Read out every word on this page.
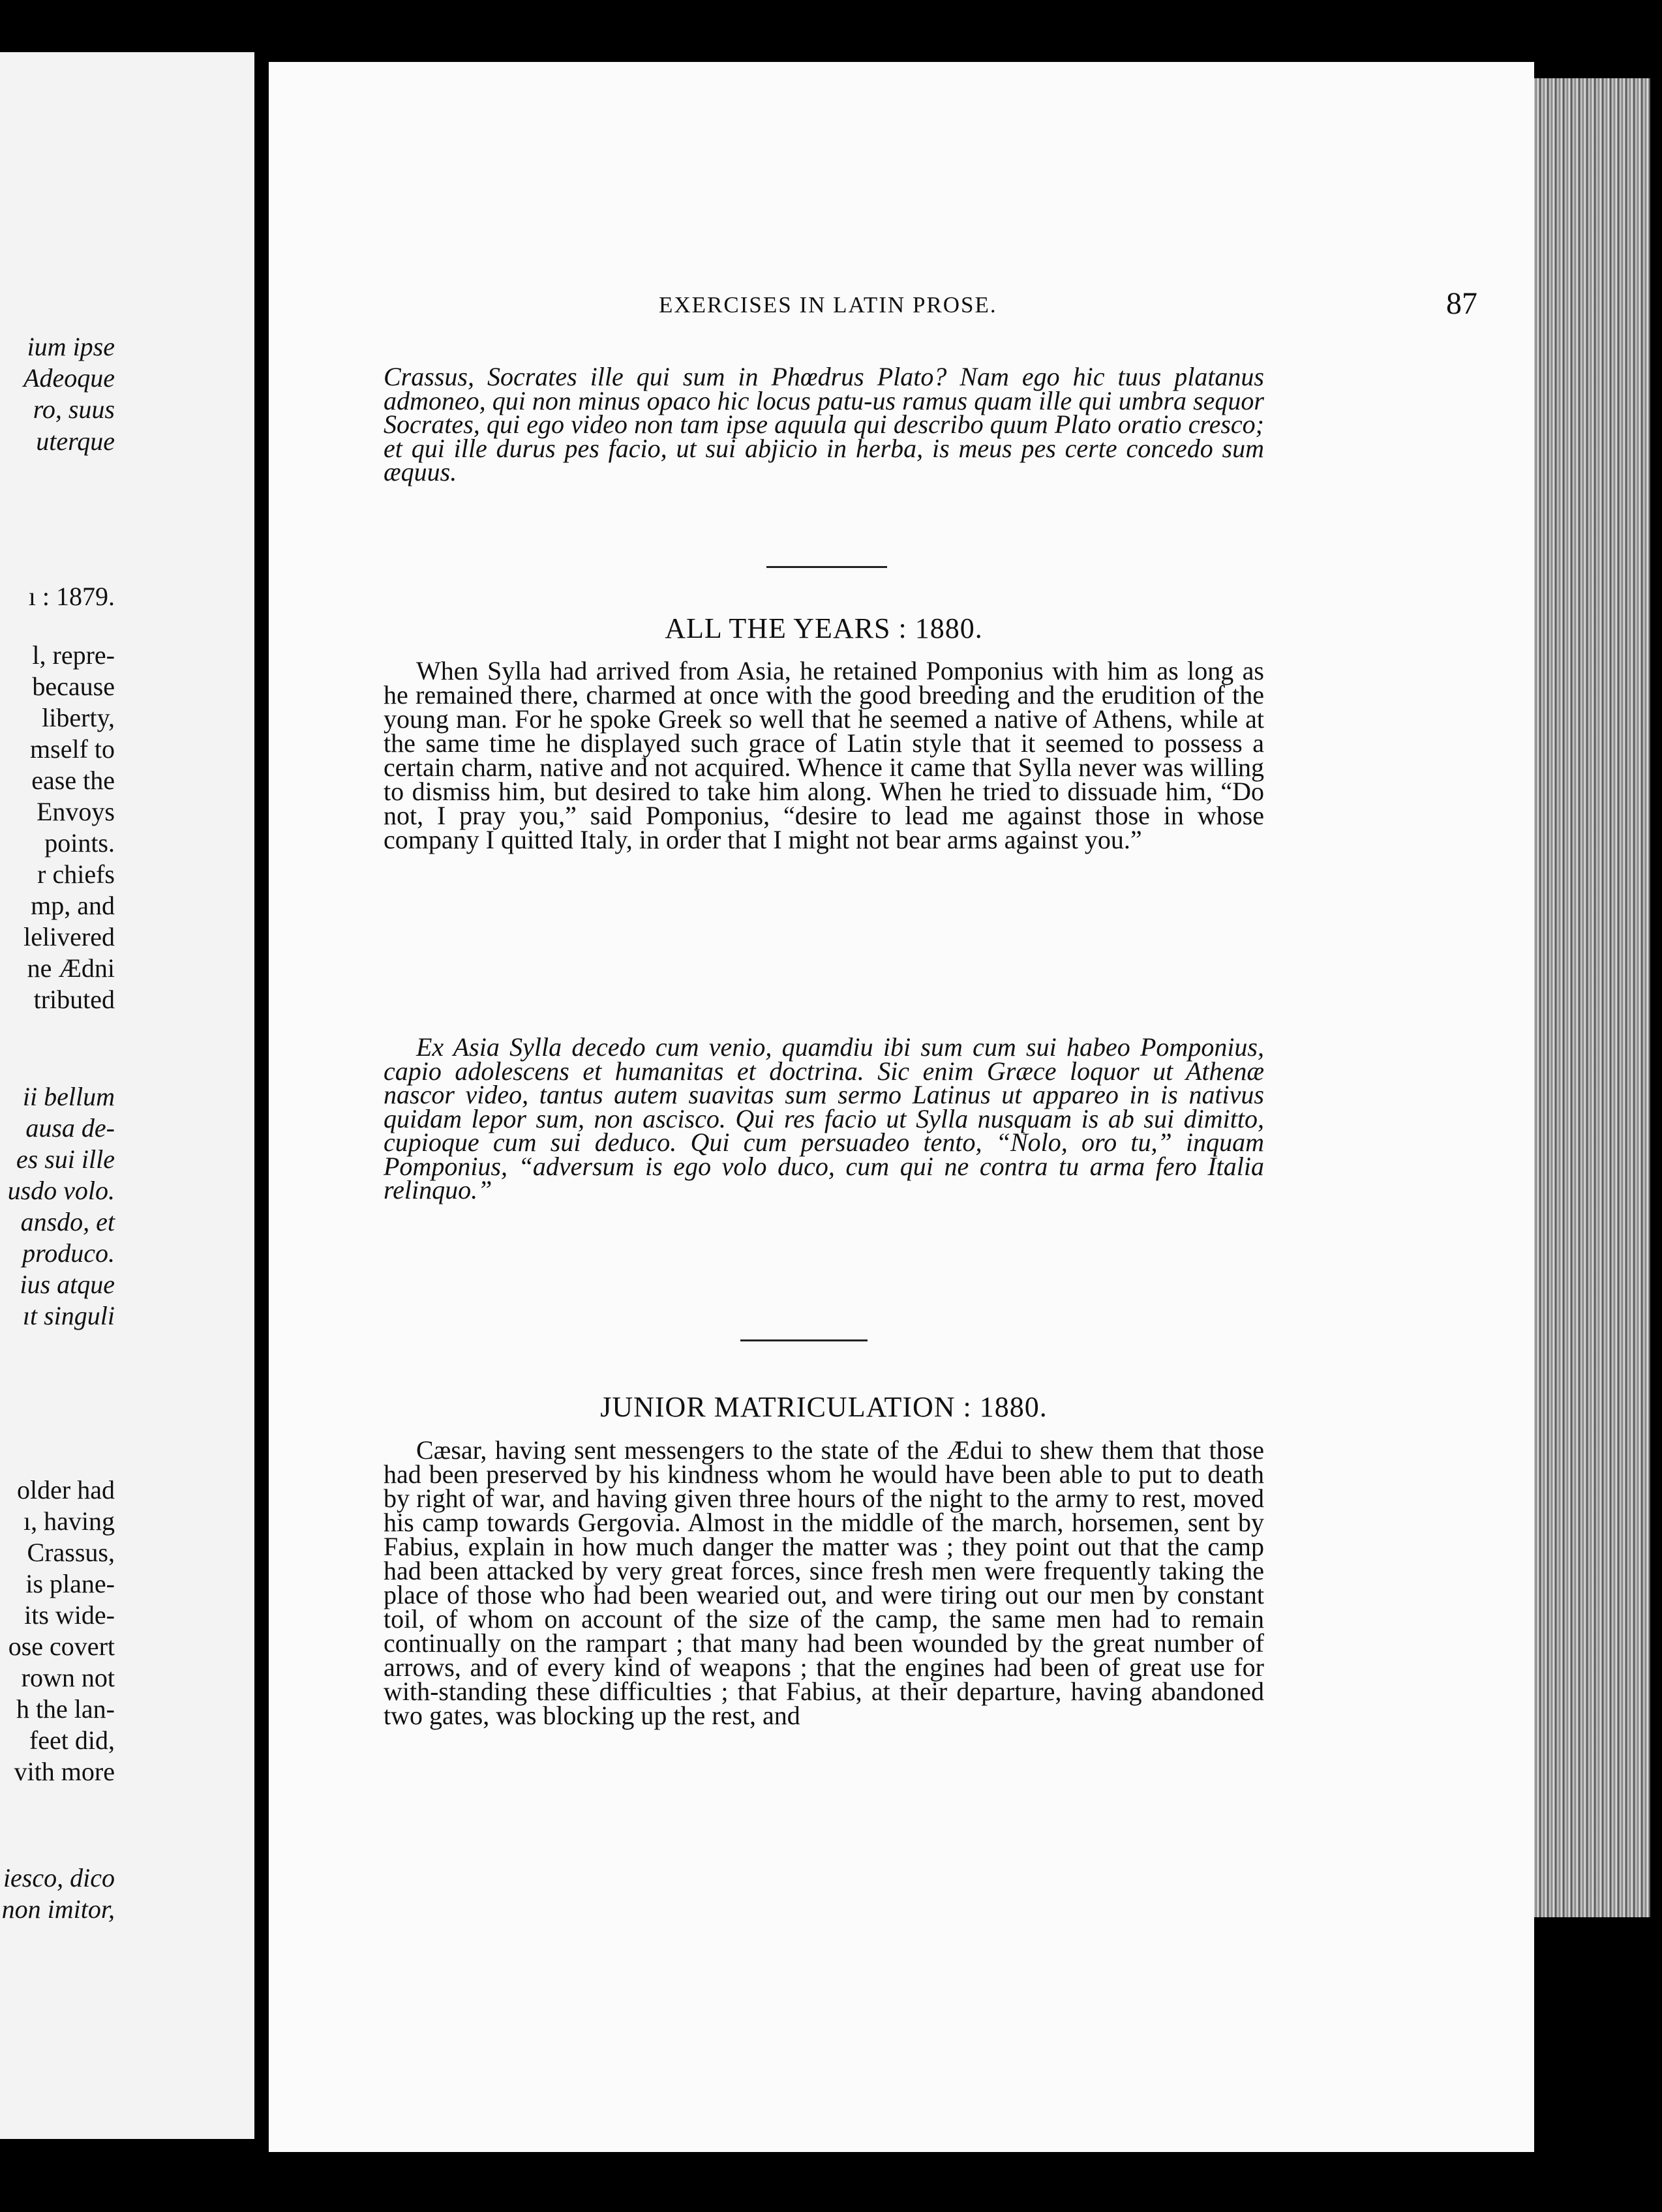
ium ipse
Adeoque
ro, suus
uterque
ı : 1879.
l, repre-
because
liberty,
mself to
ease the
Envoys
points.
r chiefs
mp, and
lelivered
ne Ædni
tributed
ii bellum
ausa de-
es sui ille
usdo volo.
ansdo, et
produco.
ius atque
ıt singuli
older had
ı, having
Crassus,
is plane-
its wide-
ose covert
rown not
h the lan-
feet did,
vith more
iesco, dico
non imitor,
EXERCISES IN LATIN PROSE.	87

Crassus, Socrates ille qui sum in Phœdrus Plato? Nam ego hic tuus platanus admoneo, qui non minus opaco hic locus patu-us ramus quam ille qui umbra sequor Socrates, qui ego video non tam ipse aquula qui describo quum Plato oratio cresco; et qui ille durus pes facio, ut sui abjicio in herba, is meus pes certe concedo sum æquus.

ALL THE YEARS : 1880.

When Sylla had arrived from Asia, he retained Pomponius with him as long as he remained there, charmed at once with the good breeding and the erudition of the young man. For he spoke Greek so well that he seemed a native of Athens, while at the same time he displayed such grace of Latin style that it seemed to possess a certain charm, native and not acquired. Whence it came that Sylla never was willing to dismiss him, but desired to take him along. When he tried to dissuade him, “Do not, I pray you,” said Pomponius, “desire to lead me against those in whose company I quitted Italy, in order that I might not bear arms against you.”

Ex Asia Sylla decedo cum venio, quamdiu ibi sum cum sui habeo Pomponius, capio adolescens et humanitas et doctrina. Sic enim Græce loquor ut Athenæ nascor video, tantus autem suavitas sum sermo Latinus ut appareo in is nativus quidam lepor sum, non ascisco. Qui res facio ut Sylla nusquam is ab sui dimitto, cupioque cum sui deduco. Qui cum persuadeo tento, “Nolo, oro tu,” inquam Pomponius, “adversum is ego volo duco, cum qui ne contra tu arma fero Italia relinquo.”

JUNIOR MATRICULATION : 1880.

Cæsar, having sent messengers to the state of the Ædui to shew them that those had been preserved by his kindness whom he would have been able to put to death by right of war, and having given three hours of the night to the army to rest, moved his camp towards Gergovia. Almost in the middle of the march, horsemen, sent by Fabius, explain in how much danger the matter was ; they point out that the camp had been attacked by very great forces, since fresh men were frequently taking the place of those who had been wearied out, and were tiring out our men by constant toil, of whom on account of the size of the camp, the same men had to remain continually on the rampart ; that many had been wounded by the great number of arrows, and of every kind of weapons ; that the engines had been of great use for with-standing these difficulties ; that Fabius, at their departure, having abandoned two gates, was blocking up the rest, and
